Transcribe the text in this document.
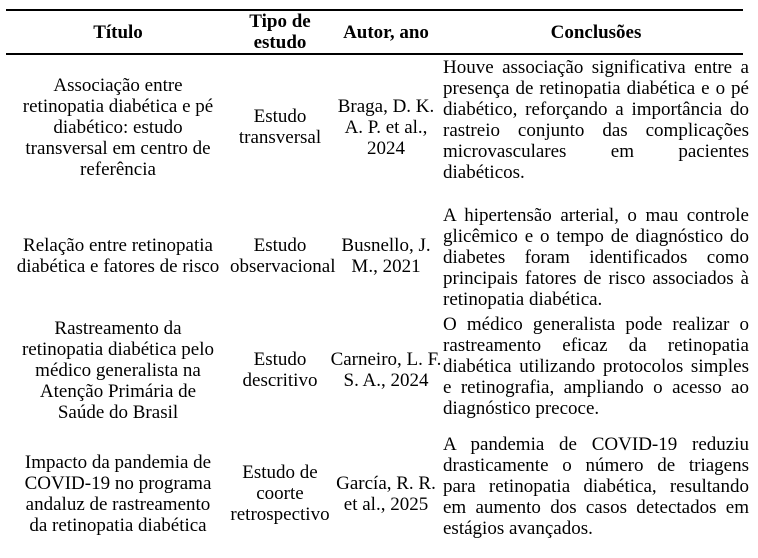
Título	Tipo de estudo	Autor, ano	Conclusões
Associação entre retinopatia diabética e pé diabético: estudo transversal em centro de referência	Estudo transversal	Braga, D. K. A. P. et al., 2024	Houve associação significativa entre a presença de retinopatia diabética e o pé diabético, reforçando a importância do rastreio conjunto das complicações microvasculares em pacientes diabéticos.
Relação entre retinopatia diabética e fatores de risco	Estudo observacional	Busnello, J. M., 2021	A hipertensão arterial, o mau controle glicêmico e o tempo de diagnóstico do diabetes foram identificados como principais fatores de risco associados à retinopatia diabética.
Rastreamento da retinopatia diabética pelo médico generalista na Atenção Primária de Saúde do Brasil	Estudo descritivo	Carneiro, L. F. S. A., 2024	O médico generalista pode realizar o rastreamento eficaz da retinopatia diabética utilizando protocolos simples e retinografia, ampliando o acesso ao diagnóstico precoce.
Impacto da pandemia de COVID-19 no programa andaluz de rastreamento da retinopatia diabética	Estudo de coorte retrospectivo	García, R. R. et al., 2025	A pandemia de COVID-19 reduziu drasticamente o número de triagens para retinopatia diabética, resultando em aumento dos casos detectados em estágios avançados.
